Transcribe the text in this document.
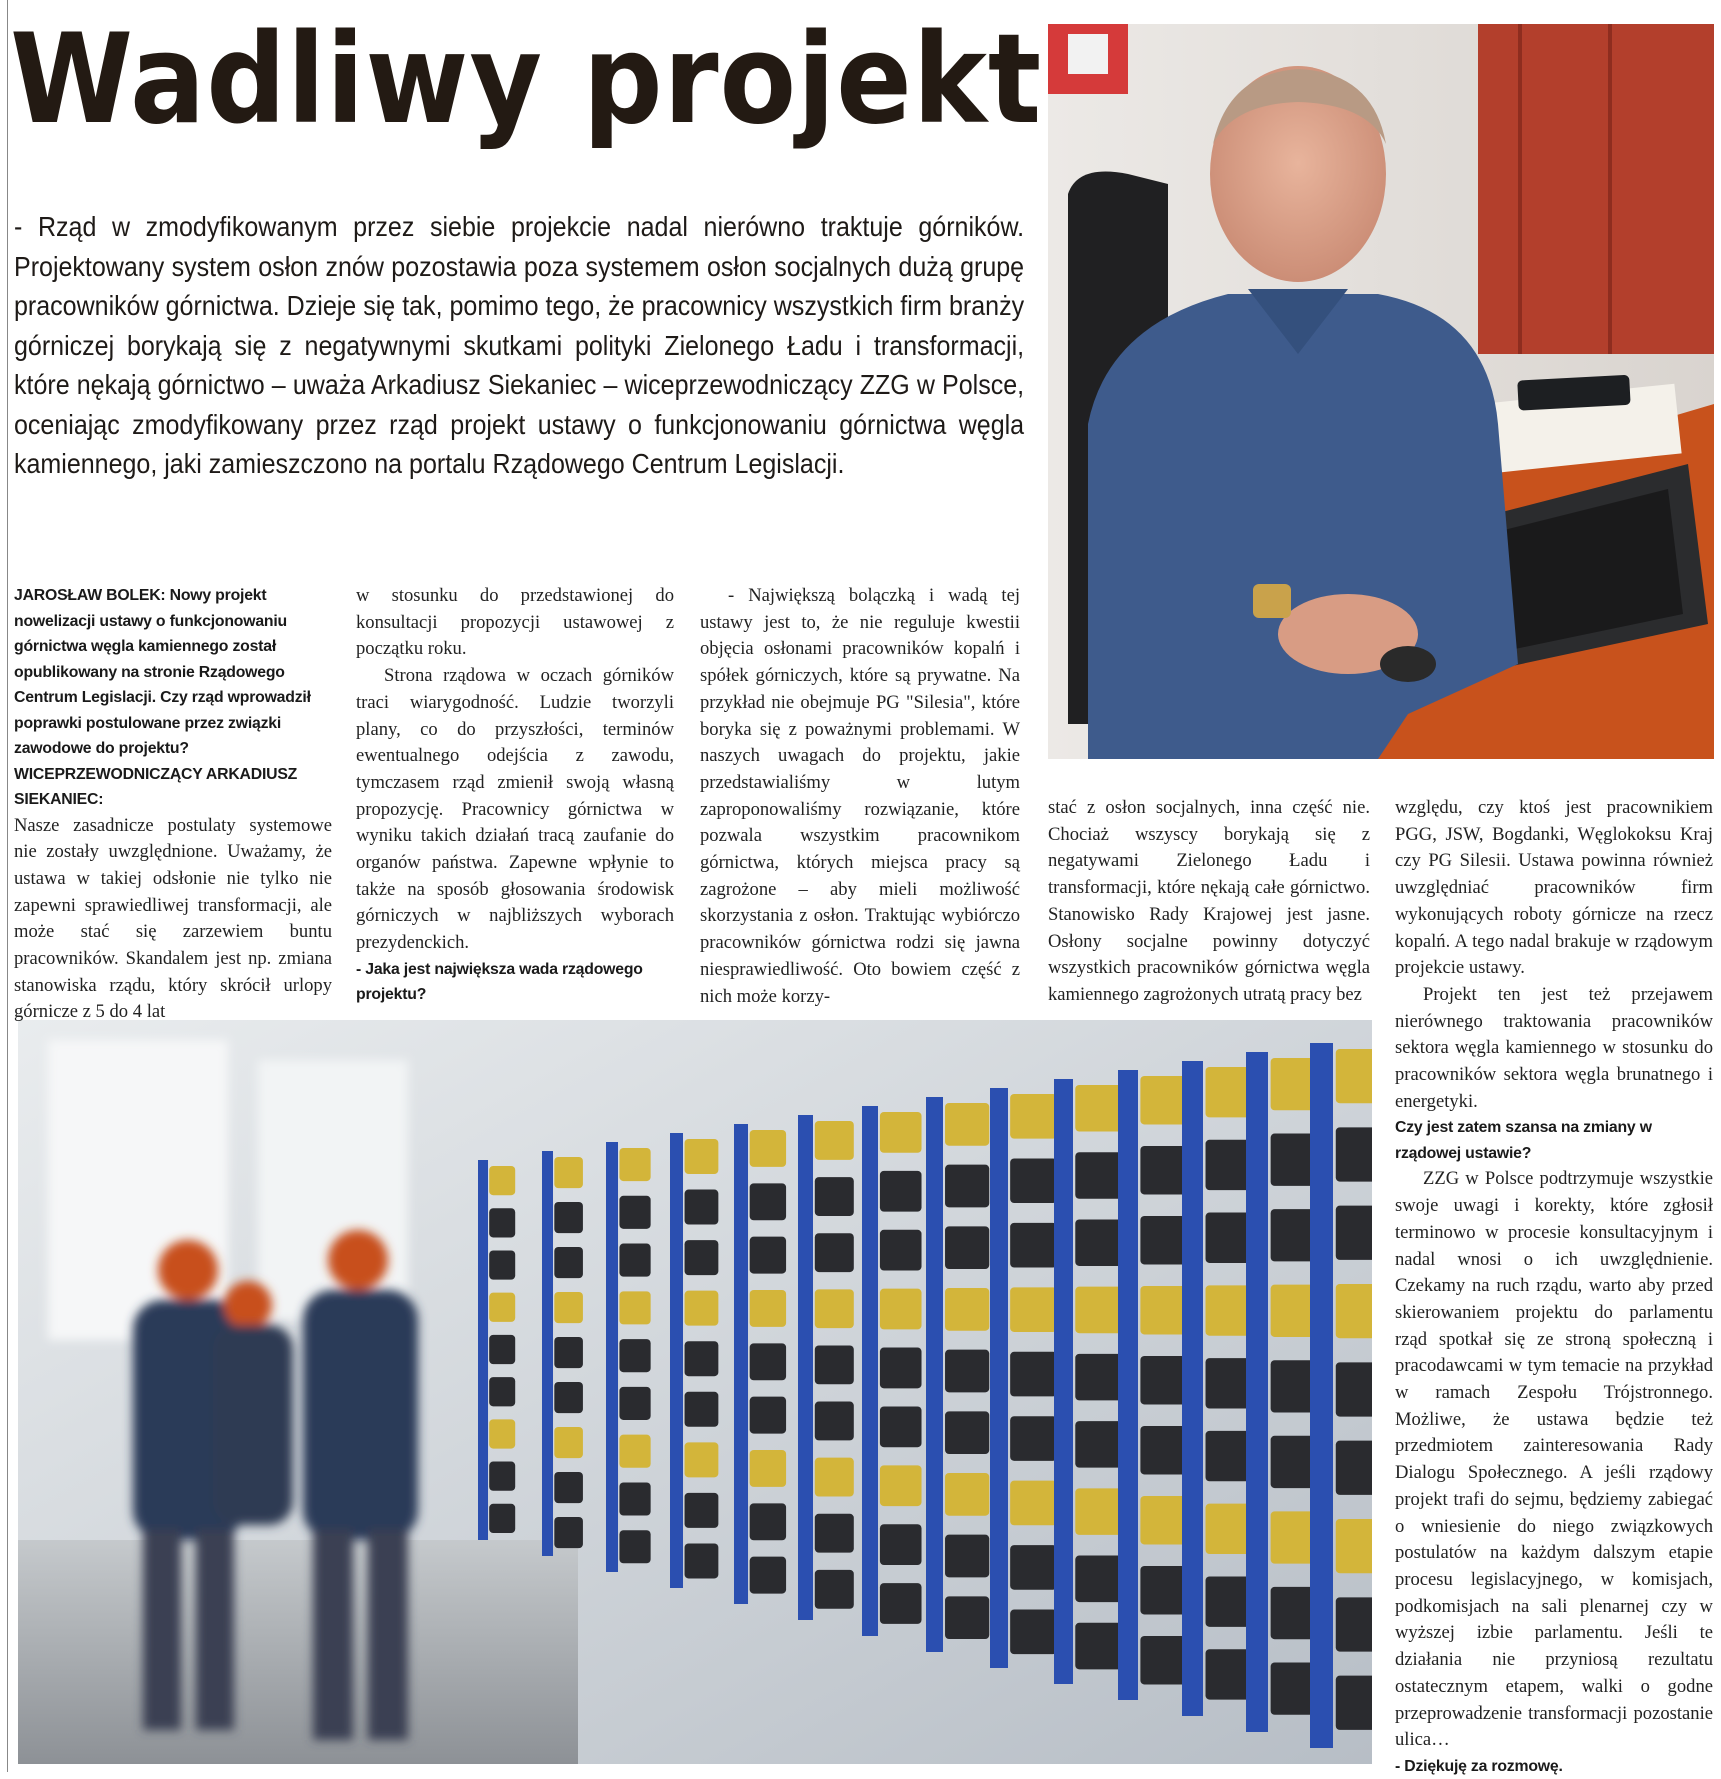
Wadliwy projekt
- Rząd w zmodyfikowanym przez siebie projekcie nadal nierówno traktuje górników. Projektowany system osłon znów pozostawia poza systemem osłon socjalnych dużą grupę pracowników górnictwa. Dzieje się tak, pomimo tego, że pracownicy wszystkich firm branży górniczej borykają się z negatywnymi skutkami polityki Zielonego Ładu i transformacji, które nękają górnictwo – uważa Arkadiusz Siekaniec – wiceprzewodniczący ZZG w Polsce, oceniając zmodyfikowany przez rząd projekt ustawy o funkcjonowaniu górnictwa węgla kamiennego, jaki zamieszczono na portalu Rządowego Centrum Legislacji.

JAROSŁAW BOLEK: Nowy projekt nowelizacji ustawy o funkcjonowaniu górnictwa węgla kamiennego został opublikowany na stronie Rządowego Centrum Legislacji. Czy rząd wprowadził poprawki postulowane przez związki zawodowe do projektu?

WICEPRZEWODNICZĄCY ARKADIUSZ SIEKANIEC:

Nasze zasadnicze postulaty systemowe nie zostały uwzględnione. Uważamy, że ustawa w takiej odsłonie nie tylko nie zapewni sprawiedliwej transformacji, ale może stać się zarzewiem buntu pracowników. Skandalem jest np. zmiana stanowiska rządu, który skrócił urlopy górnicze z 5 do 4 lat

w stosunku do przedstawionej do konsultacji propozycji ustawowej z początku roku.

Strona rządowa w oczach górników traci wiarygodność. Ludzie tworzyli plany, co do przyszłości, terminów ewentualnego odejścia z zawodu, tymczasem rząd zmienił swoją własną propozycję. Pracownicy górnictwa w wyniku takich działań tracą zaufanie do organów państwa. Zapewne wpłynie to także na sposób głosowania środowisk górniczych w najbliższych wyborach prezydenckich.

- Jaka jest największa wada rządowego projektu?

- Największą bolączką i wadą tej ustawy jest to, że nie reguluje kwestii objęcia osłonami pracowników kopalń i spółek górniczych, które są prywatne. Na przykład nie obejmuje PG "Silesia", które boryka się z poważnymi problemami. W naszych uwagach do projektu, jakie przedstawialiśmy w lutym zaproponowaliśmy rozwiązanie, które pozwala wszystkim pracownikom górnictwa, których miejsca pracy są zagrożone – aby mieli możliwość skorzystania z osłon. Traktując wybiórczo pracowników górnictwa rodzi się jawna niesprawiedliwość. Oto bowiem część z nich może korzy-

stać z osłon socjalnych, inna część nie. Chociaż wszyscy borykają się z negatywami Zielonego Ładu i transformacji, które nękają całe górnictwo. Stanowisko Rady Krajowej jest jasne. Osłony socjalne powinny dotyczyć wszystkich pracowników górnictwa węgla kamiennego zagrożonych utratą pracy bez

względu, czy ktoś jest pracownikiem PGG, JSW, Bogdanki, Węglokoksu Kraj czy PG Silesii. Ustawa powinna również uwzględniać pracowników firm wykonujących roboty górnicze na rzecz kopalń. A tego nadal brakuje w rządowym projekcie ustawy.

Projekt ten jest też przejawem nierównego traktowania pracowników sektora węgla kamiennego w stosunku do pracowników sektora węgla brunatnego i energetyki.

Czy jest zatem szansa na zmiany w rządowej ustawie?

ZZG w Polsce podtrzymuje wszystkie swoje uwagi i korekty, które zgłosił terminowo w procesie konsultacyjnym i nadal wnosi o ich uwzględnienie. Czekamy na ruch rządu, warto aby przed skierowaniem projektu do parlamentu rząd spotkał się ze stroną społeczną i pracodawcami w tym temacie na przykład w ramach Zespołu Trójstronnego. Możliwe, że ustawa będzie też przedmiotem zainteresowania Rady Dialogu Społecznego. A jeśli rządowy projekt trafi do sejmu, będziemy zabiegać o wniesienie do niego związkowych postulatów na każdym dalszym etapie procesu legislacyjnego, w komisjach, podkomisjach na sali plenarnej czy w wyższej izbie parlamentu. Jeśli te działania nie przyniosą rezultatu ostatecznym etapem, walki o godne przeprowadzenie transformacji pozostanie ulica…

- Dziękuję za rozmowę.
